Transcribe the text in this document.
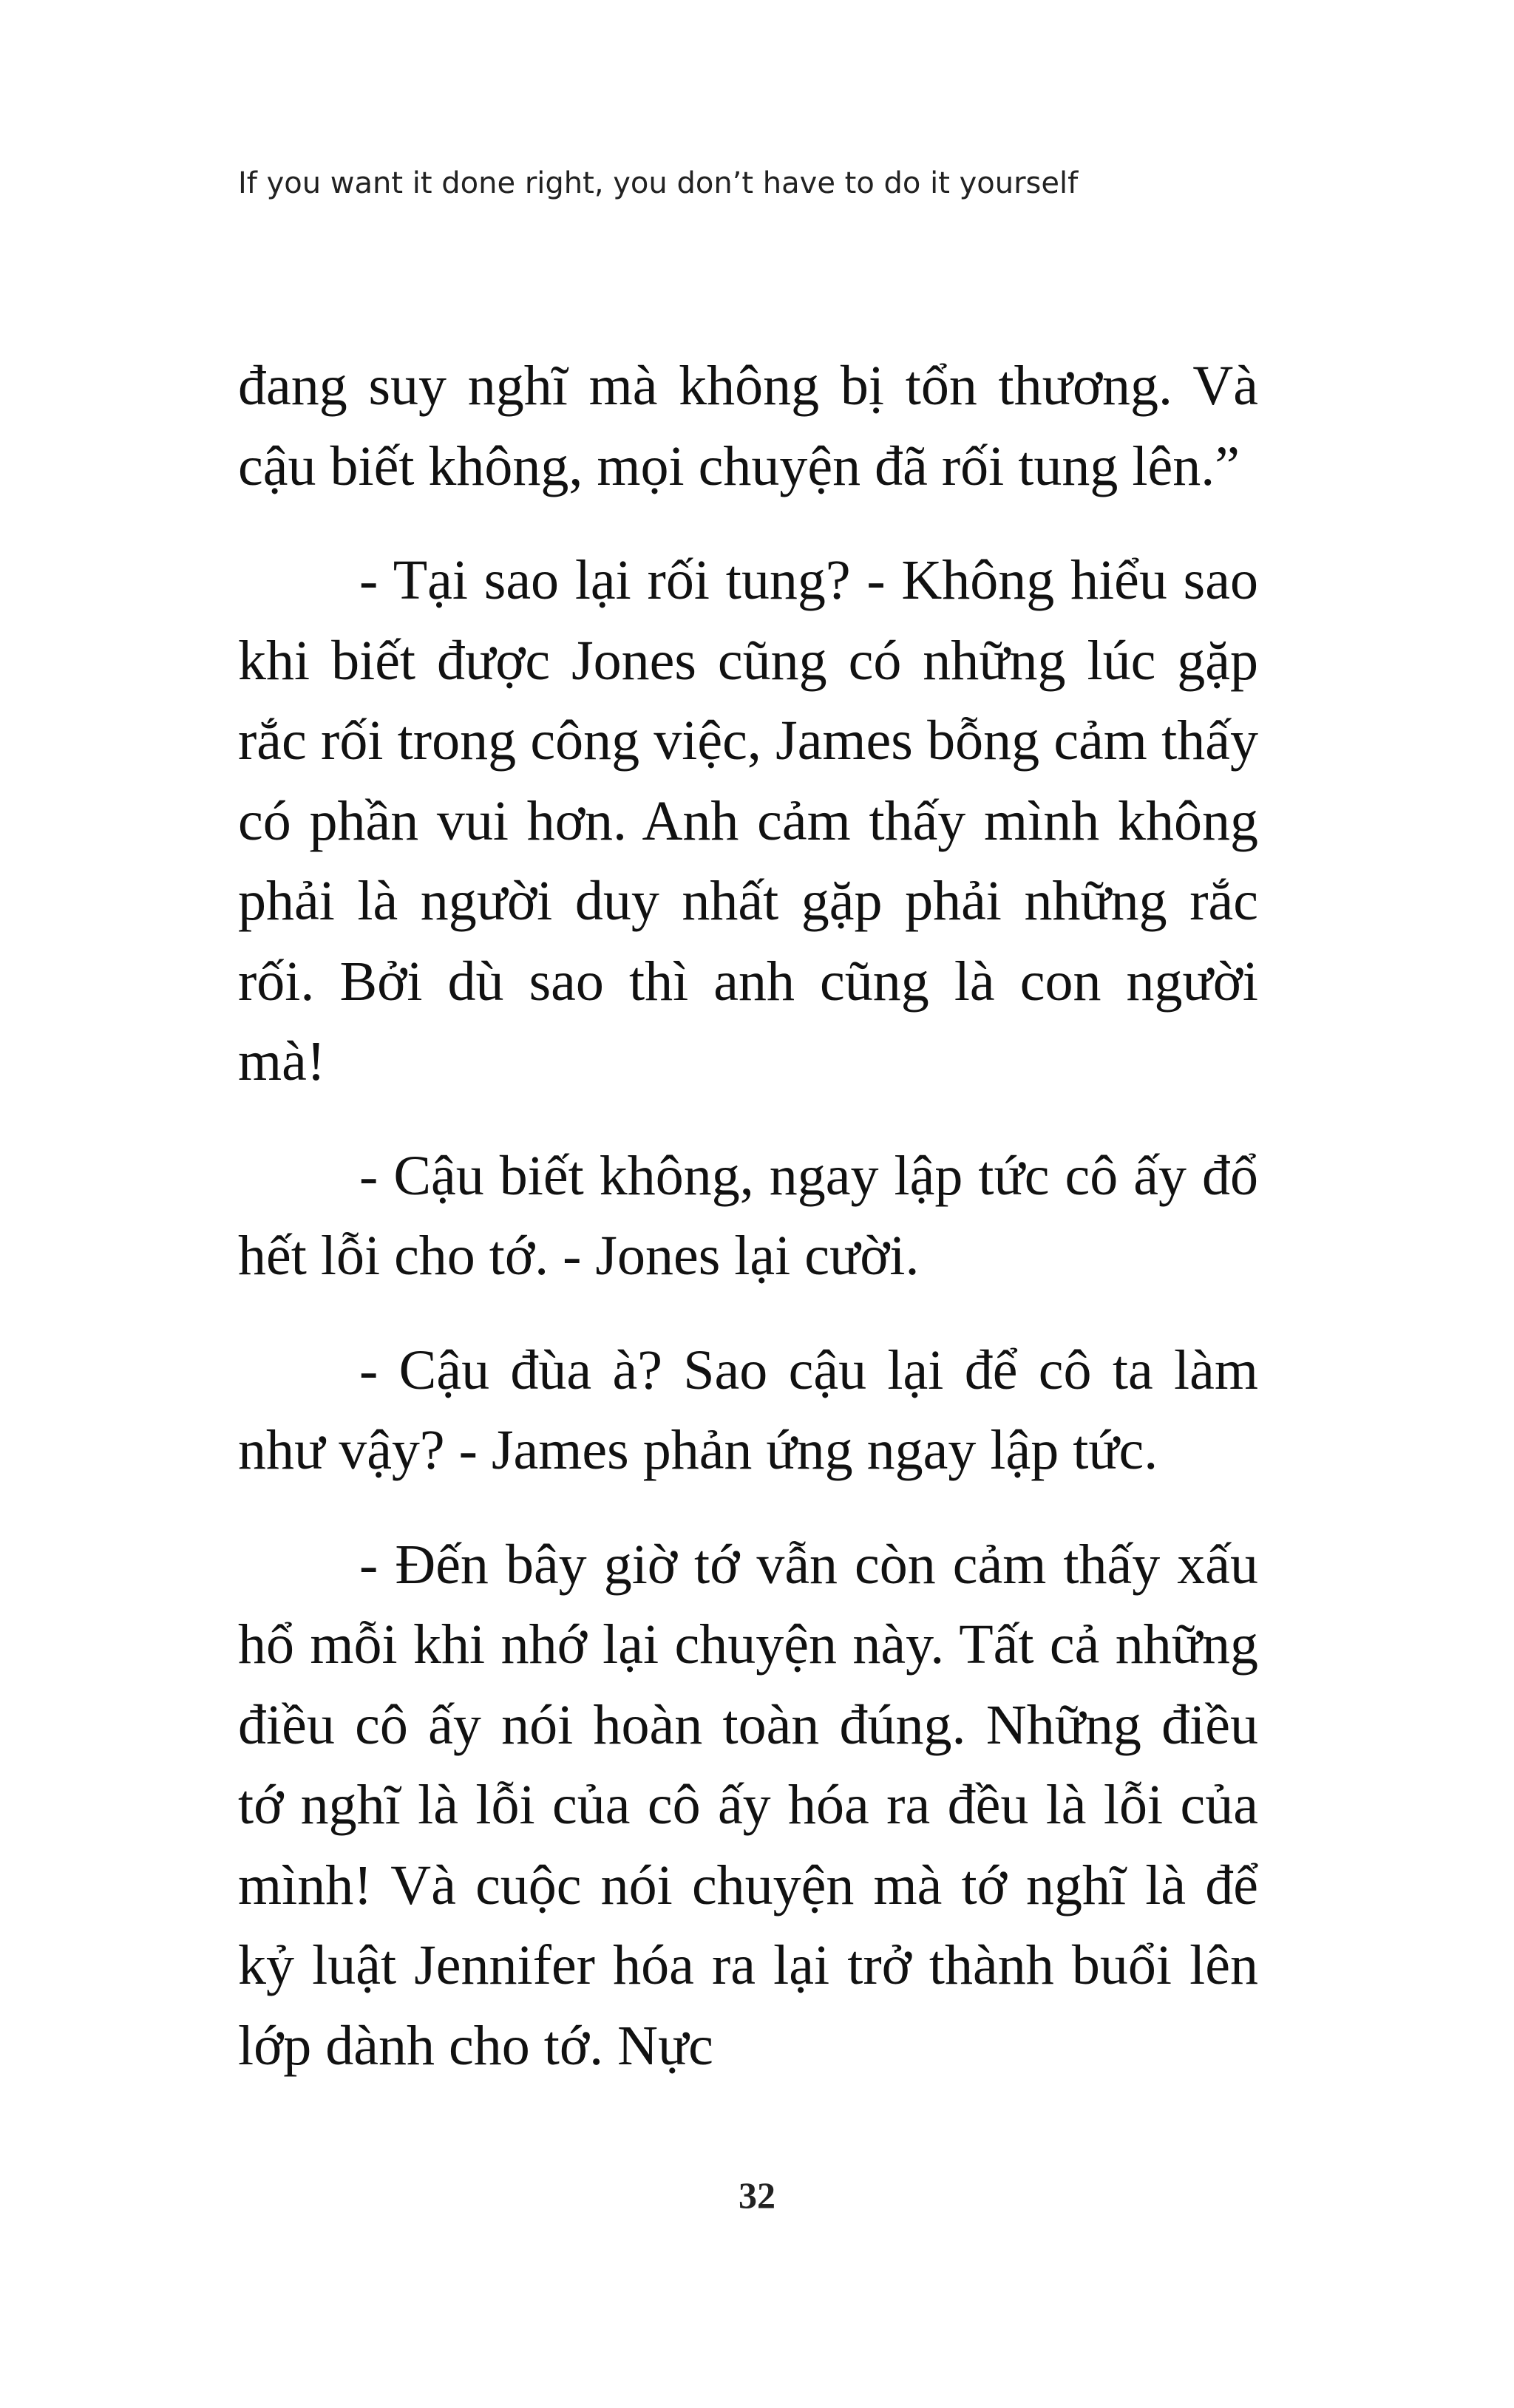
If you want it done right, you don’t have to do it yourself

đang suy nghĩ mà không bị tổn thương. Và cậu biết không, mọi chuyện đã rối tung lên.”

- Tại sao lại rối tung? - Không hiểu sao khi biết được Jones cũng có những lúc gặp rắc rối trong công việc, James bỗng cảm thấy có phần vui hơn. Anh cảm thấy mình không phải là người duy nhất gặp phải những rắc rối. Bởi dù sao thì anh cũng là con người mà!

- Cậu biết không, ngay lập tức cô ấy đổ hết lỗi cho tớ. - Jones lại cười.

- Cậu đùa à? Sao cậu lại để cô ta làm như vậy? - James phản ứng ngay lập tức.

- Đến bây giờ tớ vẫn còn cảm thấy xấu hổ mỗi khi nhớ lại chuyện này. Tất cả những điều cô ấy nói hoàn toàn đúng. Những điều tớ nghĩ là lỗi của cô ấy hóa ra đều là lỗi của mình! Và cuộc nói chuyện mà tớ nghĩ là để kỷ luật Jennifer hóa ra lại trở thành buổi lên lớp dành cho tớ. Nực

32
